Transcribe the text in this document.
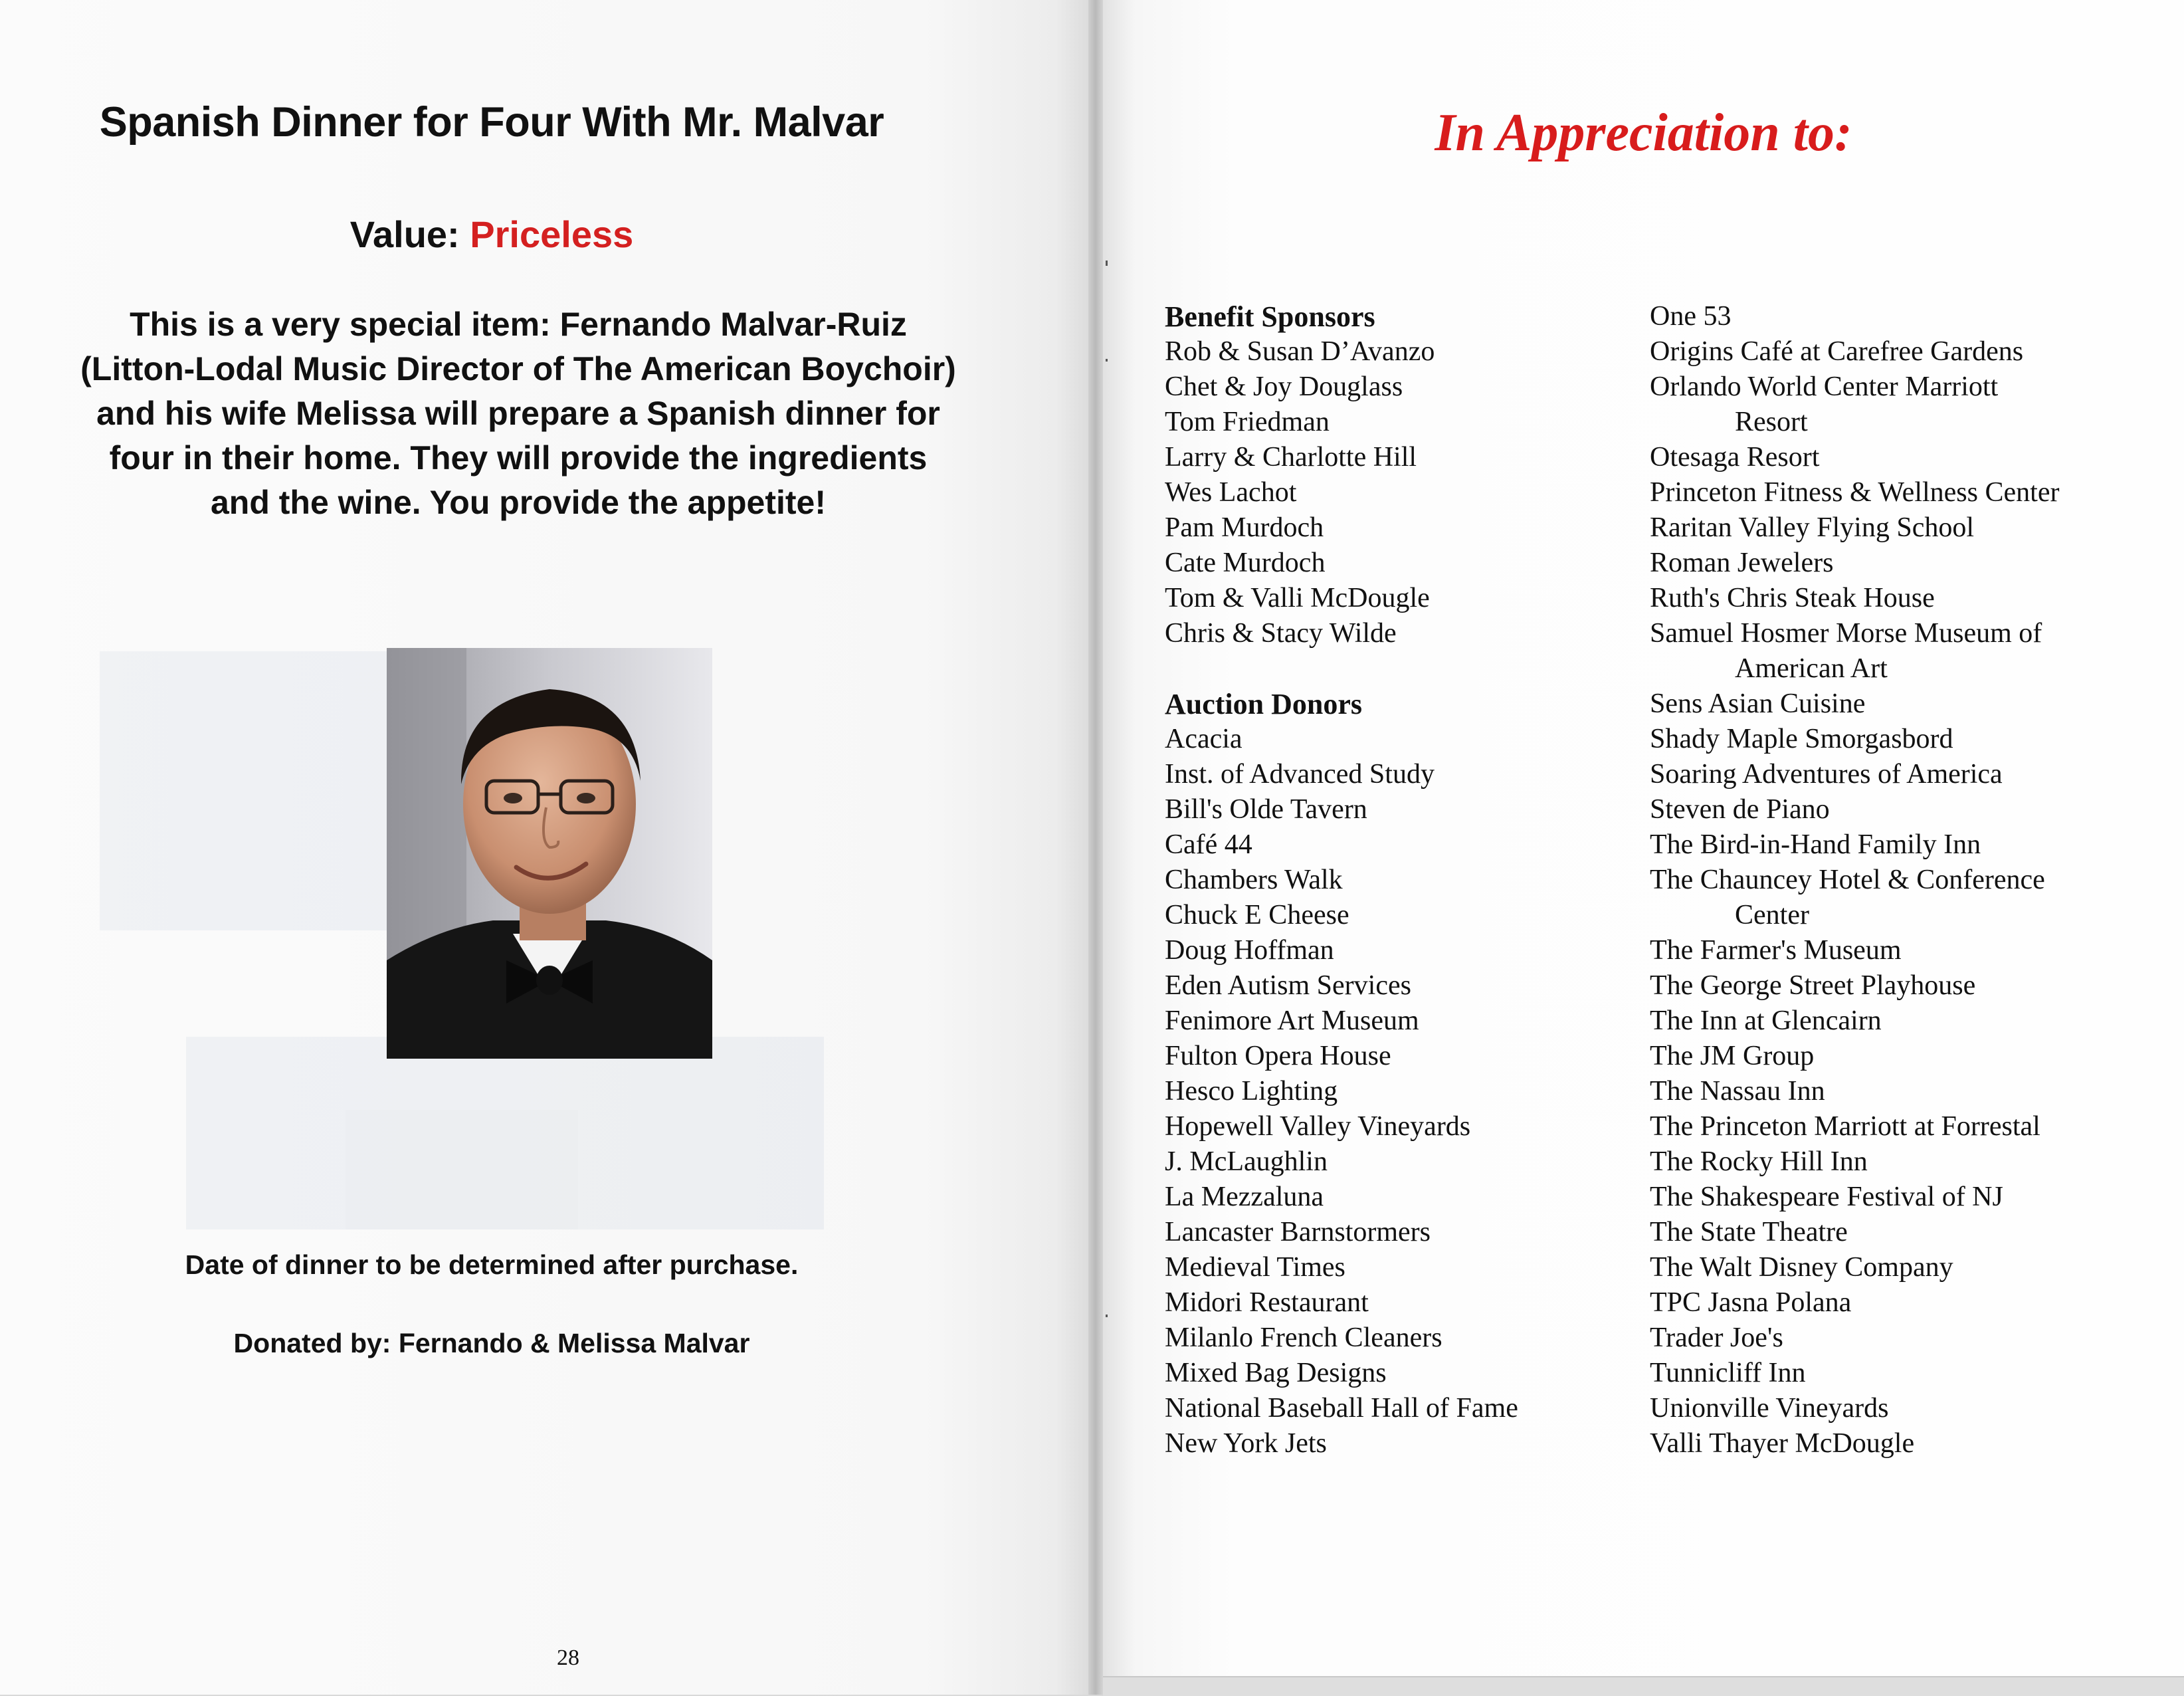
Spanish Dinner for Four With Mr. Malvar
Value: Priceless
This is a very special item: Fernando Malvar-Ruiz
(Litton-Lodal Music Director of The American Boychoir)
and his wife Melissa will prepare a Spanish dinner for
four in their home. They will provide the ingredients
and the wine. You provide the appetite!
Date of dinner to be determined after purchase.
Donated by: Fernando & Melissa Malvar
28
In Appreciation to:
Benefit Sponsors
Rob & Susan D’Avanzo
Chet & Joy Douglass
Tom Friedman
Larry & Charlotte Hill
Wes Lachot
Pam Murdoch
Cate Murdoch
Tom & Valli McDougle
Chris & Stacy Wilde
Auction Donors
Acacia
Inst. of Advanced Study
Bill's Olde Tavern
Café 44
Chambers Walk
Chuck E Cheese
Doug Hoffman
Eden Autism Services
Fenimore Art Museum
Fulton Opera House
Hesco Lighting
Hopewell Valley Vineyards
J. McLaughlin
La Mezzaluna
Lancaster Barnstormers
Medieval Times
Midori Restaurant
Milanlo French Cleaners
Mixed Bag Designs
National Baseball Hall of Fame
New York Jets
One 53
Origins Café at Carefree Gardens
Orlando World Center Marriott
Resort
Otesaga Resort
Princeton Fitness & Wellness Center
Raritan Valley Flying School
Roman Jewelers
Ruth's Chris Steak House
Samuel Hosmer Morse Museum of
American Art
Sens Asian Cuisine
Shady Maple Smorgasbord
Soaring Adventures of America
Steven de Piano
The Bird-in-Hand Family Inn
The Chauncey Hotel & Conference
Center
The Farmer's Museum
The George Street Playhouse
The Inn at Glencairn
The JM Group
The Nassau Inn
The Princeton Marriott at Forrestal
The Rocky Hill Inn
The Shakespeare Festival of NJ
The State Theatre
The Walt Disney Company
TPC Jasna Polana
Trader Joe's
Tunnicliff Inn
Unionville Vineyards
Valli Thayer McDougle
